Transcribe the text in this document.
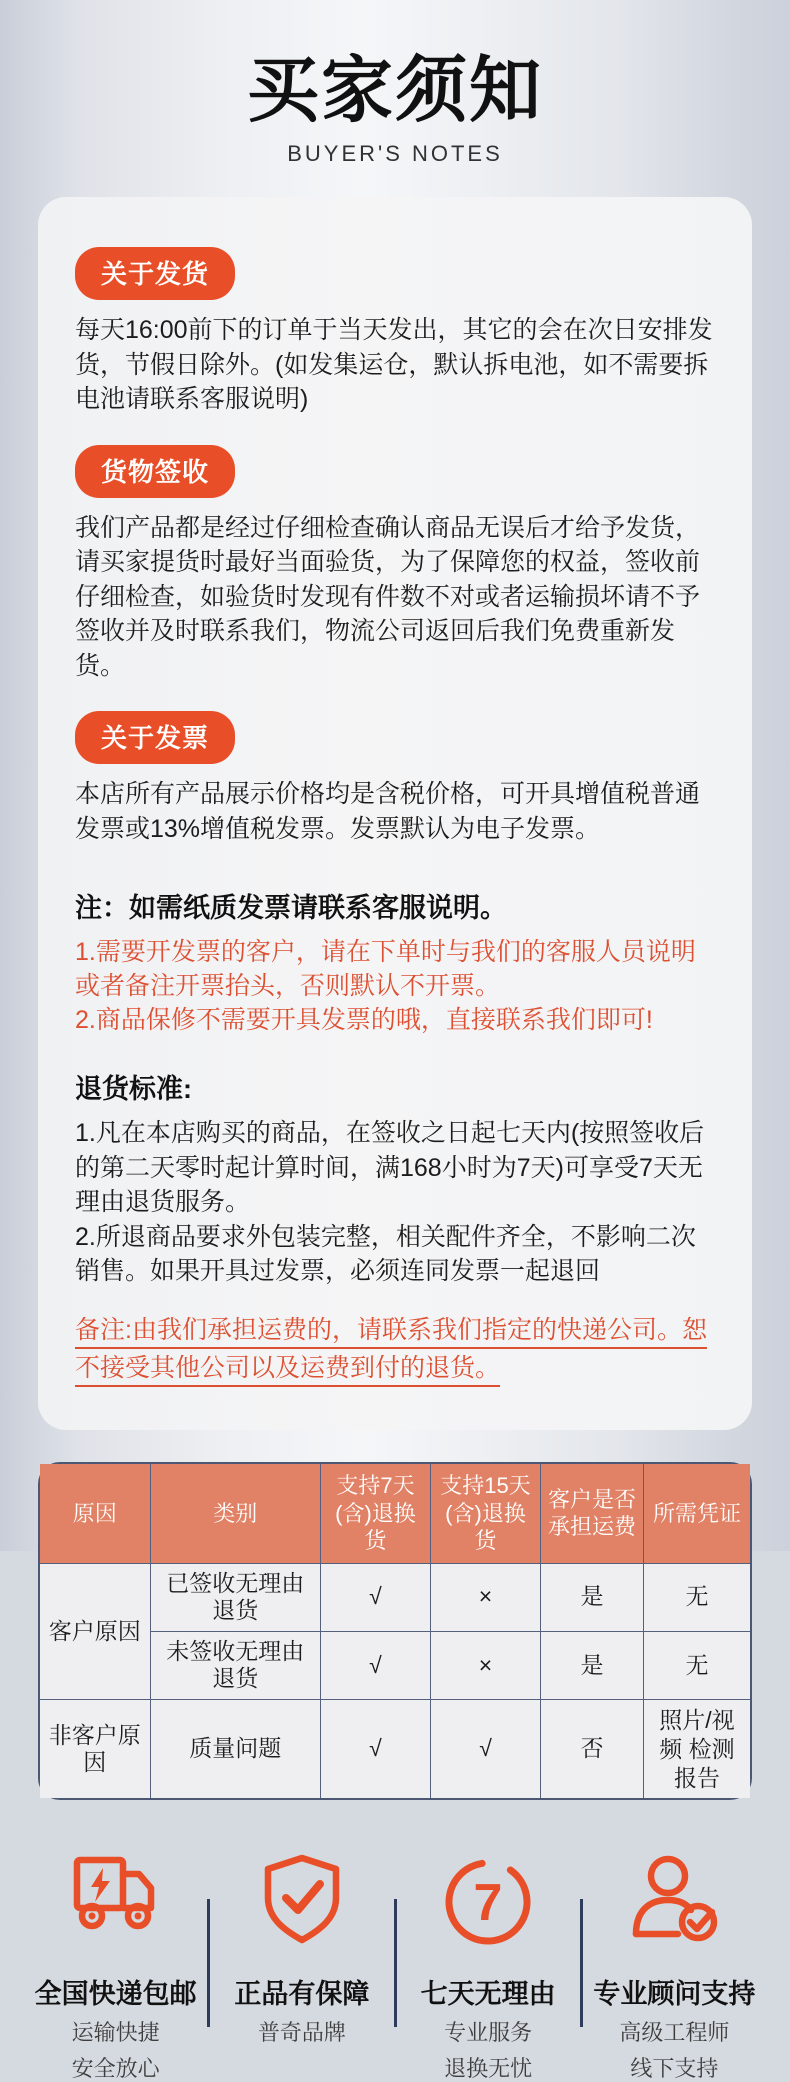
买家须知
BUYER'S NOTES
关于发货
每天16:00前下的订单于当天发出，其它的会在次日安排发货，节假日除外。(如发集运仓，默认拆电池，如不需要拆电池请联系客服说明)
货物签收
我们产品都是经过仔细检查确认商品无误后才给予发货，请买家提货时最好当面验货，为了保障您的权益，签收前仔细检查，如验货时发现有件数不对或者运输损坏请不予签收并及时联系我们，物流公司返回后我们免费重新发货。
关于发票
本店所有产品展示价格均是含税价格，可开具增值税普通发票或13%增值税发票。发票默认为电子发票。
注：如需纸质发票请联系客服说明。
1.需要开发票的客户，请在下单时与我们的客服人员说明或者备注开票抬头，否则默认不开票。
2.商品保修不需要开具发票的哦，直接联系我们即可!
退货标准:
1.凡在本店购买的商品，在签收之日起七天内(按照签收后的第二天零时起计算时间，满168小时为7天)可享受7天无理由退货服务。
2.所退商品要求外包装完整，相关配件齐全，不影响二次销售。如果开具过发票，必须连同发票一起退回
备注:由我们承担运费的，请联系我们指定的快递公司。恕不接受其他公司以及运费到付的退货。
原因	类别	支持7天(含)退换货	支持15天(含)退换货	客户是否承担运费	所需凭证
客户原因	已签收无理由退货	√	×	是	无
	未签收无理由退货	√	×	是	无
非客户原因	质量问题	√	√	否	照片/视频 检测报告
全国快递包邮
运输快捷
安全放心
正品有保障
普奇品牌
7
七天无理由
专业服务
退换无忧
专业顾问支持
高级工程师
线下支持
